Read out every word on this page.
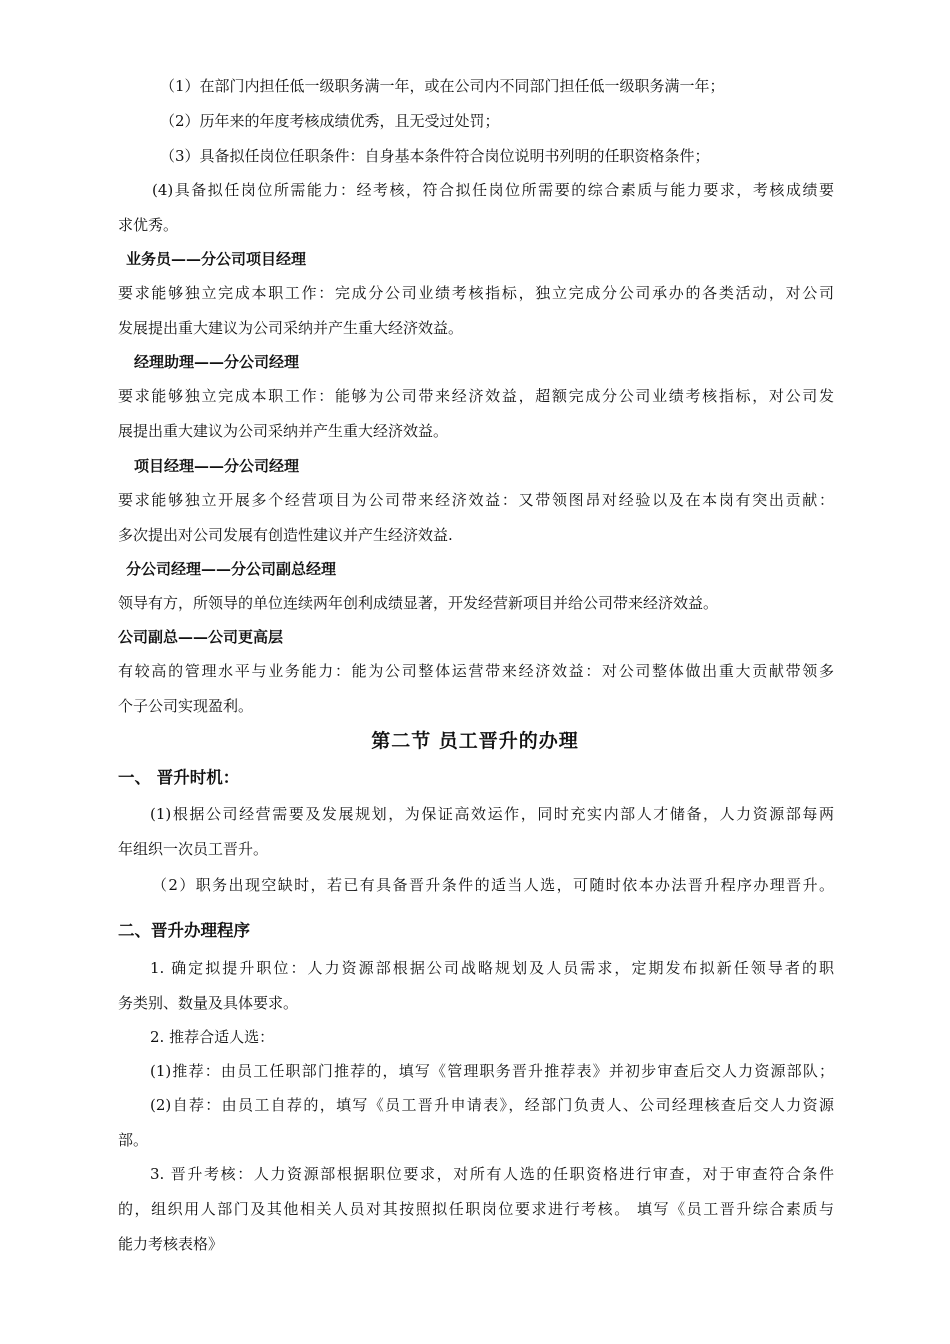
（1）在部门内担任低一级职务满一年，或在公司内不同部门担任低一级职务满一年；
（2）历年来的年度考核成绩优秀，且无受过处罚；
（3）具备拟任岗位任职条件：自身基本条件符合岗位说明书列明的任职资格条件；
(4)具备拟任岗位所需能力：经考核，符合拟任岗位所需要的综合素质与能力要求，考核成绩要
求优秀。
业务员——分公司项目经理
要求能够独立完成本职工作：完成分公司业绩考核指标，独立完成分公司承办的各类活动，对公司
发展提出重大建议为公司采纳并产生重大经济效益。
经理助理——分公司经理
要求能够独立完成本职工作：能够为公司带来经济效益，超额完成分公司业绩考核指标，对公司发
展提出重大建议为公司采纳并产生重大经济效益。
项目经理——分公司经理
要求能够独立开展多个经营项目为公司带来经济效益：又带领图昂对经验以及在本岗有突出贡献：
多次提出对公司发展有创造性建议并产生经济效益.
分公司经理——分公司副总经理
领导有方，所领导的单位连续两年创利成绩显著，开发经营新项目并给公司带来经济效益。
公司副总——公司更高层
有较高的管理水平与业务能力：能为公司整体运营带来经济效益：对公司整体做出重大贡献带领多
个子公司实现盈利。
第二节 员工晋升的办理
一、 晋升时机：
(1)根据公司经营需要及发展规划，为保证高效运作，同时充实内部人才储备，人力资源部每两
年组织一次员工晋升。
（2）职务出现空缺时，若已有具备晋升条件的适当人选，可随时依本办法晋升程序办理晋升。
二、晋升办理程序
1. 确定拟提升职位：人力资源部根据公司战略规划及人员需求，定期发布拟新任领导者的职
务类别、数量及具体要求。
2. 推荐合适人选：
(1)推荐：由员工任职部门推荐的，填写《管理职务晋升推荐表》并初步审查后交人力资源部队；
(2)自荐：由员工自荐的，填写《员工晋升申请表》，经部门负责人、公司经理核查后交人力资源
部。
3. 晋升考核：人力资源部根据职位要求，对所有人选的任职资格进行审查，对于审查符合条件
的，组织用人部门及其他相关人员对其按照拟任职岗位要求进行考核。 填写《员工晋升综合素质与
能力考核表格》
